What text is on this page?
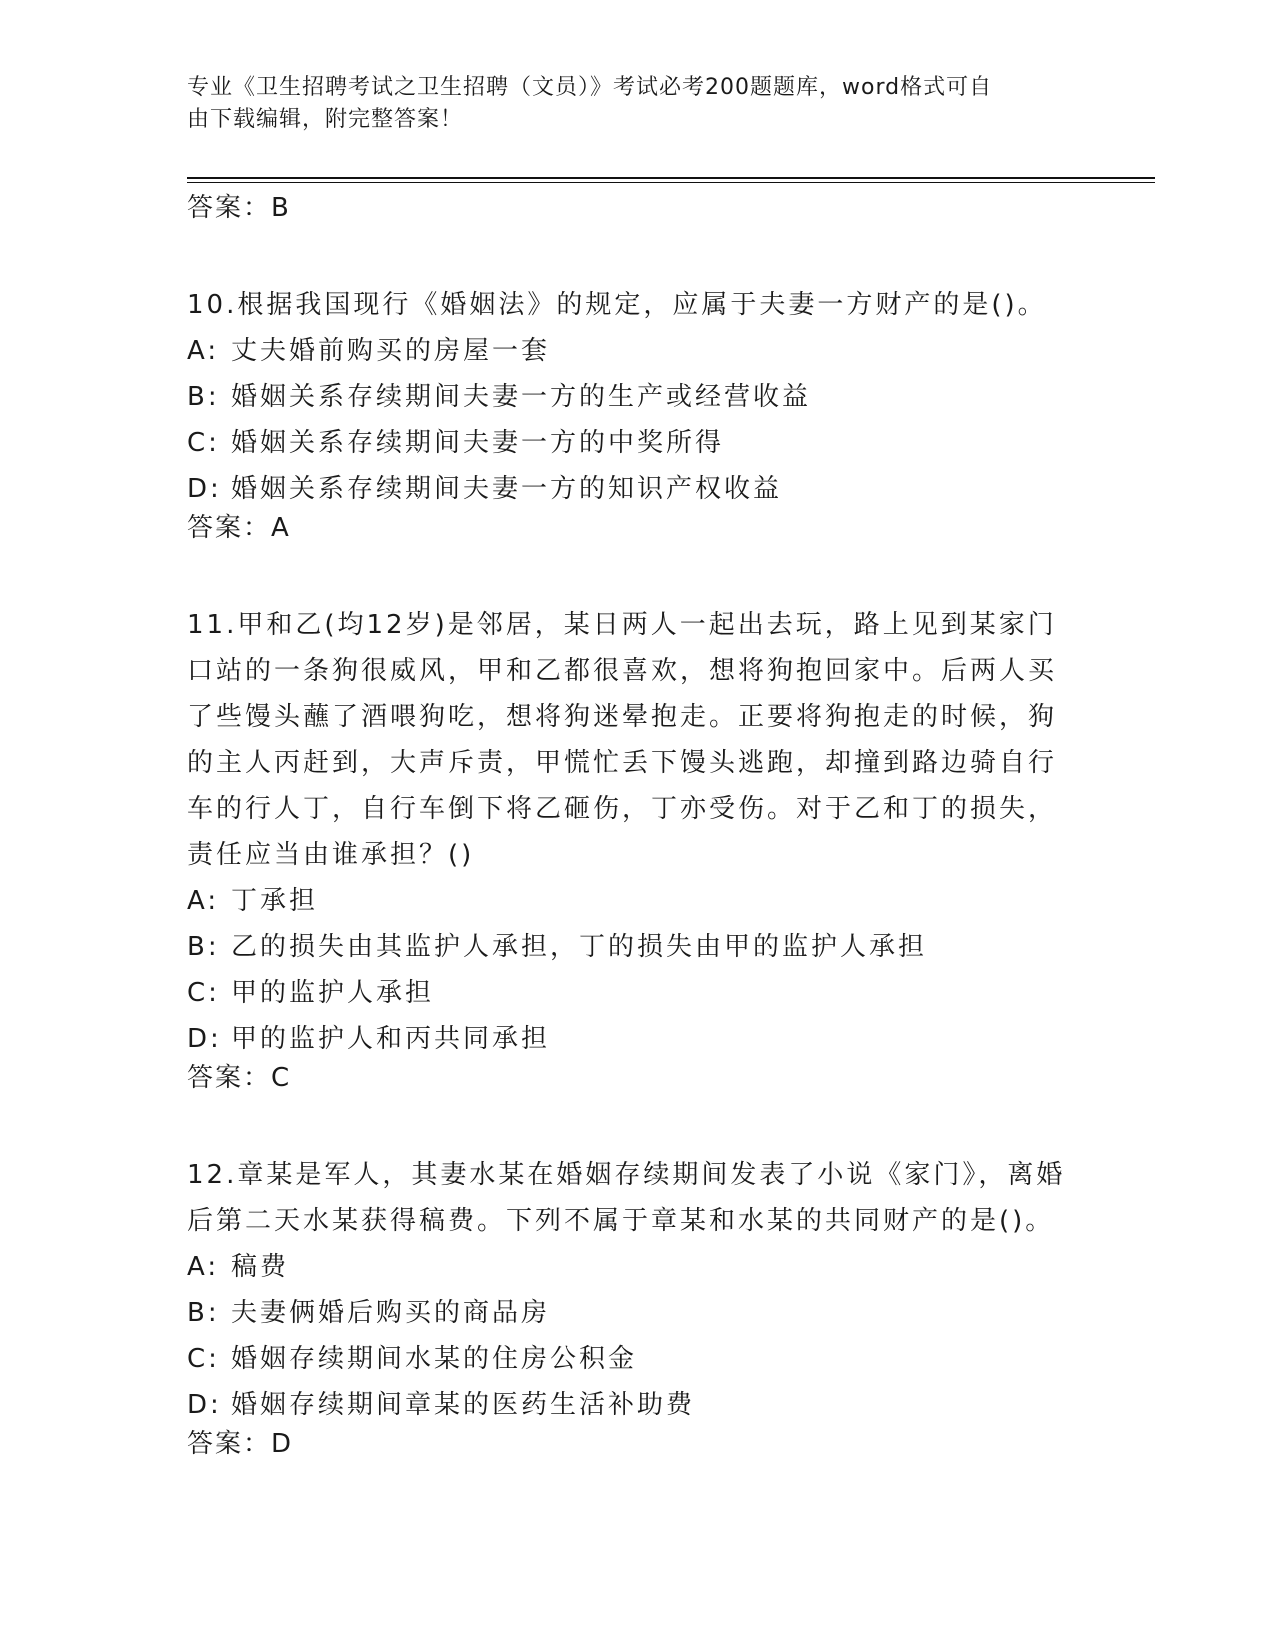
专业《卫生招聘考试之卫生招聘（文员）》考试必考200题题库，word格式可自
由下载编辑，附完整答案！
答案：B
10.根据我国现行《婚姻法》的规定，应属于夫妻一方财产的是()。
A: 丈夫婚前购买的房屋一套
B: 婚姻关系存续期间夫妻一方的生产或经营收益
C: 婚姻关系存续期间夫妻一方的中奖所得
D: 婚姻关系存续期间夫妻一方的知识产权收益
答案：A
11.甲和乙(均12岁)是邻居，某日两人一起出去玩，路上见到某家门
口站的一条狗很威风，甲和乙都很喜欢，想将狗抱回家中。后两人买
了些馒头蘸了酒喂狗吃，想将狗迷晕抱走。正要将狗抱走的时候，狗
的主人丙赶到，大声斥责，甲慌忙丢下馒头逃跑，却撞到路边骑自行
车的行人丁，自行车倒下将乙砸伤，丁亦受伤。对于乙和丁的损失，
责任应当由谁承担？()
A: 丁承担
B: 乙的损失由其监护人承担，丁的损失由甲的监护人承担
C: 甲的监护人承担
D: 甲的监护人和丙共同承担
答案：C
12.章某是军人，其妻水某在婚姻存续期间发表了小说《家门》，离婚
后第二天水某获得稿费。下列不属于章某和水某的共同财产的是()。
A: 稿费
B: 夫妻俩婚后购买的商品房
C: 婚姻存续期间水某的住房公积金
D: 婚姻存续期间章某的医药生活补助费
答案：D
